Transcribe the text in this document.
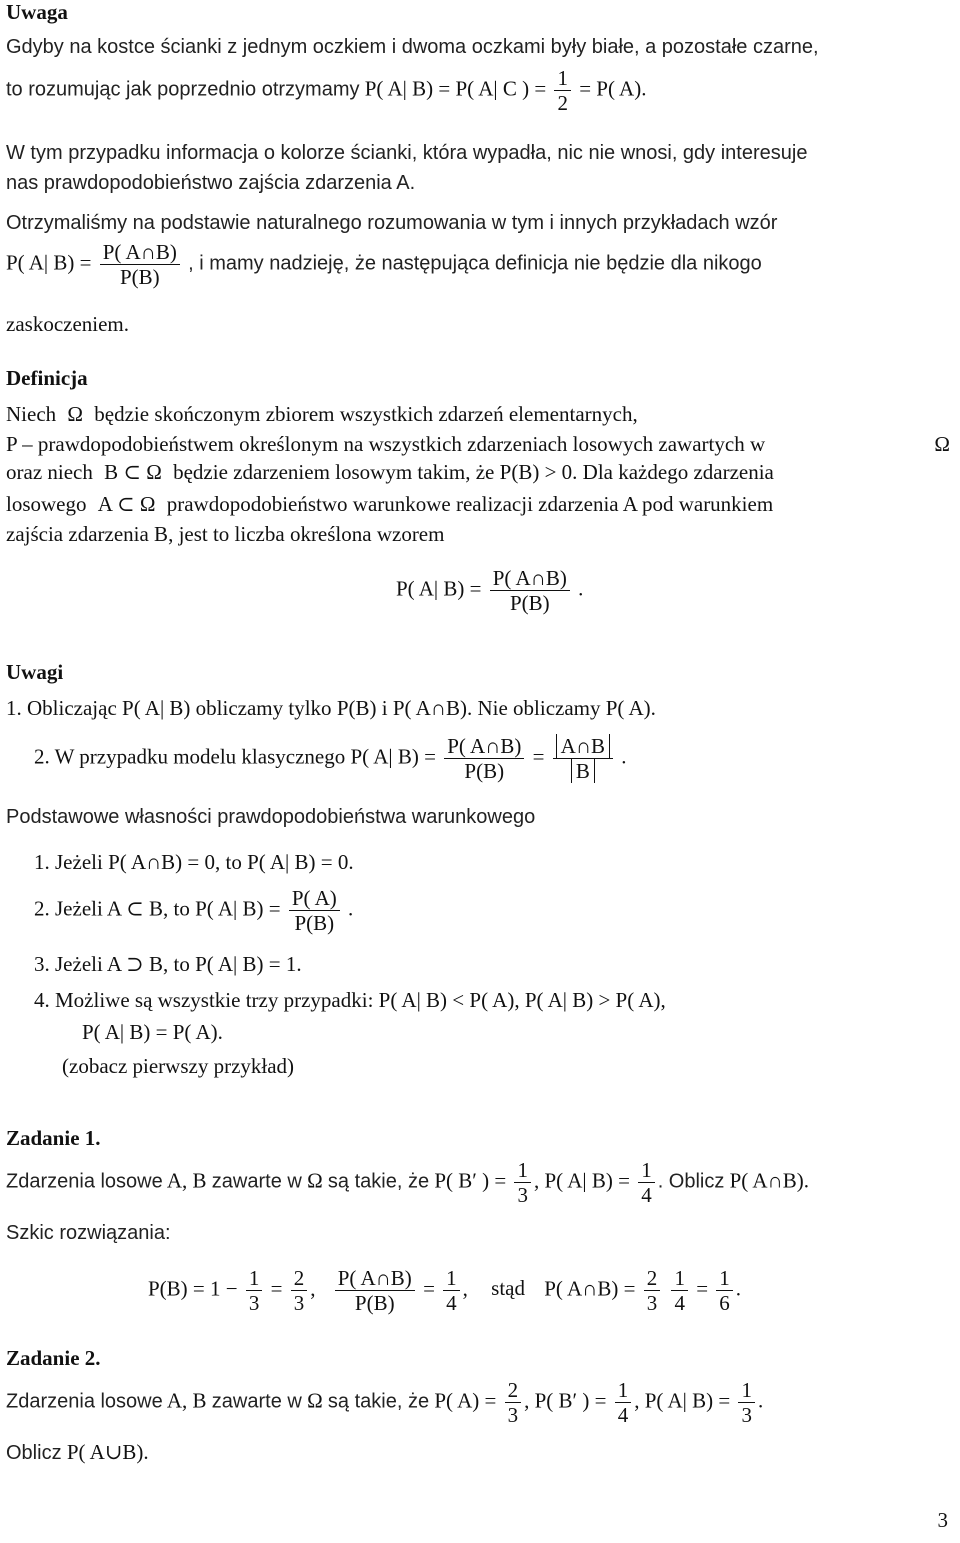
Uwaga
Gdyby na kostce ścianki z jednym oczkiem i dwoma oczkami były białe, a pozostałe czarne,
to rozumując jak poprzednio otrzymamy P( A| B) = P( A| C ) = $\frac{1}{2} = P$( A).
W tym przypadku informacja o kolorze ścianki, która wypadła, nic nie wnosi, gdy interesuje
nas prawdopodobieństwo zajścia zdarzenia A.
Otrzymaliśmy na podstawie naturalnego rozumowania w tym i innych przykładach wzór
P( A| $B) = \frac{P( A\cap B)}{P(B)}$ , i mamy nadzieję, że następująca definicja nie będzie dla nikogo
zaskoczeniem.
Definicja
Niech Ω będzie skończonym zbiorem wszystkich zdarzeń elementarnych,
P – prawdopodobieństwem określonym na wszystkich zdarzeniach losowych zawartych w	Ω
oraz niech B ⊂ Ω będzie zdarzeniem losowym takim, że P(B) > 0. Dla każdego zdarzenia
losowego A ⊂ Ω prawdopodobieństwo warunkowe realizacji zdarzenia A pod warunkiem
zajścia zdarzenia B, jest to liczba określona wzorem
P( A| $B) = \frac{P( A\cap B)}{P(B)}$ .
Uwagi
1. Obliczając P( A| B) obliczamy tylko P(B) i P( A∩B). Nie obliczamy P( A).
2. W przypadku modelu klasycznego P( A| $B) = \frac{P( A\cap B)}{P(B)} = \frac{A\cap B}{B}$ .
Podstawowe własności prawdopodobieństwa warunkowego
1. Jeżeli P( A∩B) = 0, to P( A| B) = 0.
2. Jeżeli A ⊂ B, to P( A| $B) = \frac{P( A)}{P(B)}$ .
3. Jeżeli A ⊃ B, to P( A| B) = 1.
4. Możliwe są wszystkie trzy przypadki: P( A| B) < P( A), P( A| B) > P( A),
P( A| B) = P( A).
(zobacz pierwszy przykład)
Zadanie 1.
Zdarzenia losowe A, B zawarte w Ω są takie, że P( B′ ) = $\frac{1}{3}$ , P( A| $B) = \frac{1}{4}$ . Oblicz P( A∩B).
Szkic rozwiązania:
$P(B) = 1 - \frac{1}{3} = \frac{2}{3}$ , $\frac{P( A\cap B)}{P(B)} = \frac{1}{4}$ , stąd P( A∩B) = $\frac{2}{3}$
$\frac{1}{4} = \frac{1}{6}$ .
Zadanie 2.
Zdarzenia losowe A, B zawarte w Ω są takie, że P( $A) = \frac{2}{3}$ , P( B′ ) = $\frac{1}{4}$ , P( A| $B) = \frac{1}{3}$ .
Oblicz P( A∪B).
3
